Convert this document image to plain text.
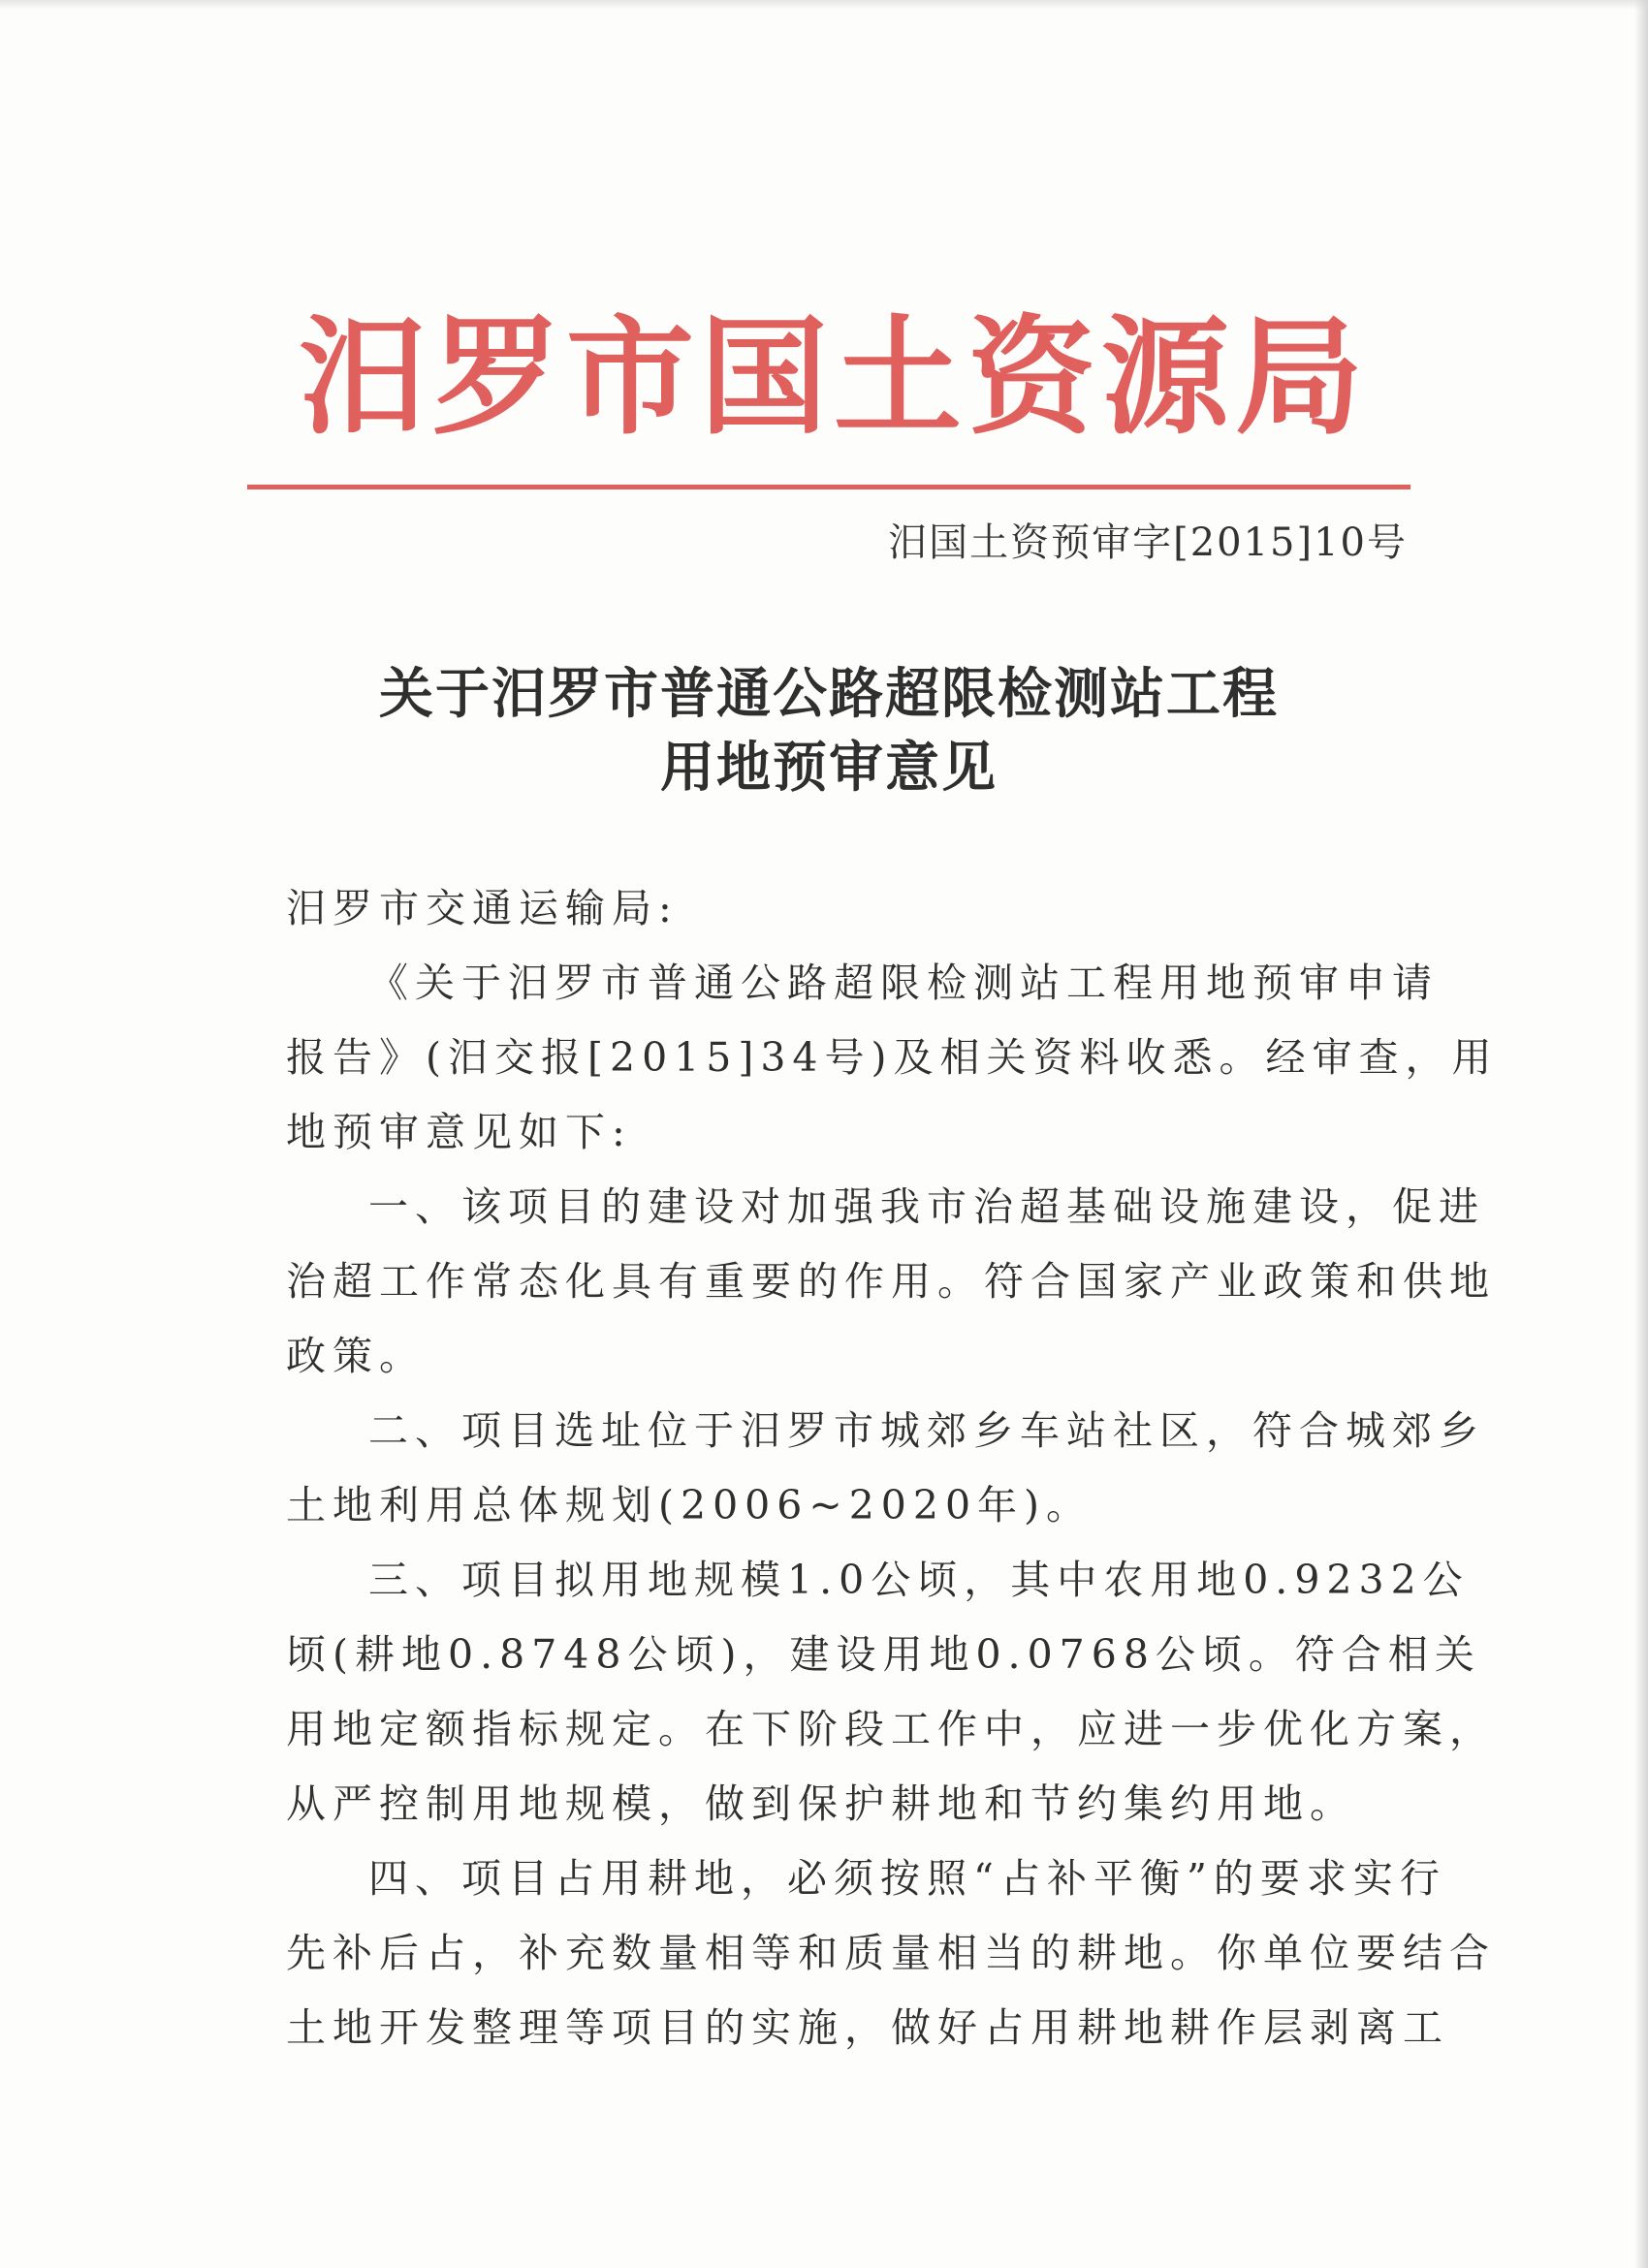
汨罗市国土资源局
汨国土资预审字[2015]10号
关于汨罗市普通公路超限检测站工程
用地预审意见
汨罗市交通运输局:
《关于汨罗市普通公路超限检测站工程用地预审申请
报告》(汨交报[2015]34号)及相关资料收悉。经审查，用
地预审意见如下:
一、该项目的建设对加强我市治超基础设施建设，促进
治超工作常态化具有重要的作用。符合国家产业政策和供地
政策。
二、项目选址位于汨罗市城郊乡车站社区，符合城郊乡
土地利用总体规划(2006~2020年)。
三、项目拟用地规模1.0公顷，其中农用地0.9232公
顷(耕地0.8748公顷)，建设用地0.0768公顷。符合相关
用地定额指标规定。在下阶段工作中，应进一步优化方案，
从严控制用地规模，做到保护耕地和节约集约用地。
四、项目占用耕地，必须按照“占补平衡”的要求实行
先补后占，补充数量相等和质量相当的耕地。你单位要结合
土地开发整理等项目的实施，做好占用耕地耕作层剥离工
